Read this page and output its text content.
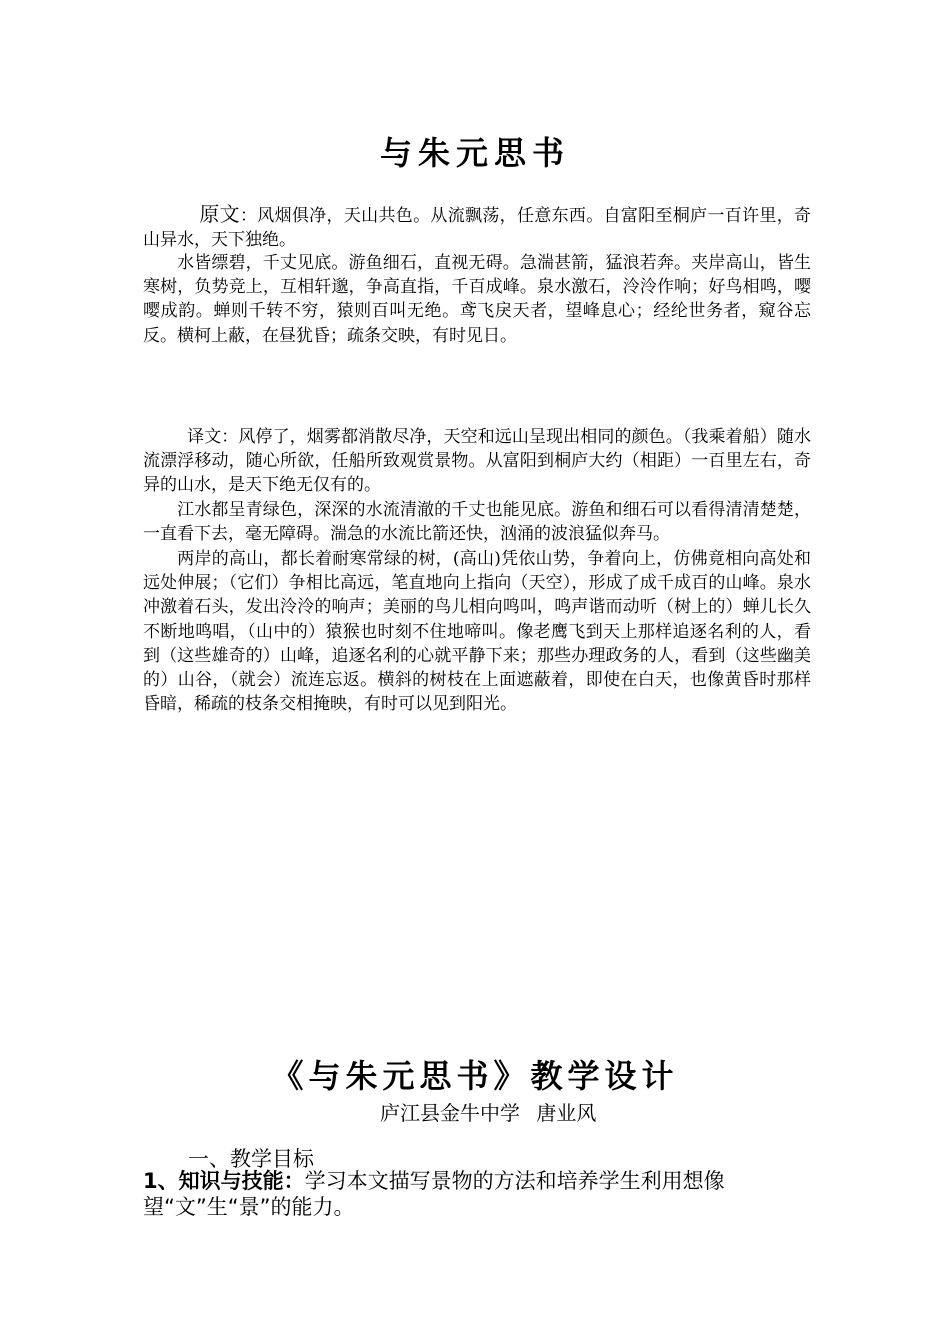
与朱元思书

原文：风烟俱净，天山共色。从流飘荡，任意东西。自富阳至桐庐一百许里，奇山异水，天下独绝。

水皆缥碧，千丈见底。游鱼细石，直视无碍。急湍甚箭，猛浪若奔。夹岸高山，皆生寒树，负势竞上，互相轩邈，争高直指，千百成峰。泉水激石，泠泠作响；好鸟相鸣，嘤嘤成韵。蝉则千转不穷，猿则百叫无绝。鸢飞戾天者，望峰息心；经纶世务者，窥谷忘反。横柯上蔽，在昼犹昏；疏条交映，有时见日。

译文：风停了，烟雾都消散尽净，天空和远山呈现出相同的颜色。（我乘着船）随水流漂浮移动，随心所欲，任船所致观赏景物。从富阳到桐庐大约（相距）一百里左右，奇异的山水，是天下绝无仅有的。

江水都呈青绿色，深深的水流清澈的千丈也能见底。游鱼和细石可以看得清清楚楚，一直看下去，毫无障碍。湍急的水流比箭还快，汹涌的波浪猛似奔马。

两岸的高山，都长着耐寒常绿的树，(高山)凭依山势，争着向上，仿佛竟相向高处和远处伸展；（它们）争相比高远，笔直地向上指向（天空），形成了成千成百的山峰。泉水冲激着石头，发出泠泠的响声；美丽的鸟儿相向鸣叫，鸣声谐而动听（树上的）蝉儿长久不断地鸣唱，（山中的）猿猴也时刻不住地啼叫。像老鹰飞到天上那样追逐名利的人，看到（这些雄奇的）山峰，追逐名利的心就平静下来；那些办理政务的人，看到（这些幽美的）山谷，（就会）流连忘返。横斜的树枝在上面遮蔽着，即使在白天，也像黄昏时那样昏暗，稀疏的枝条交相掩映，有时可以见到阳光。

《与朱元思书》教学设计
庐江县金牛中学 唐业风
一、教学目标

1、知识与技能：学习本文描写景物的方法和培养学生利用想像望“文”生“景”的能力。
